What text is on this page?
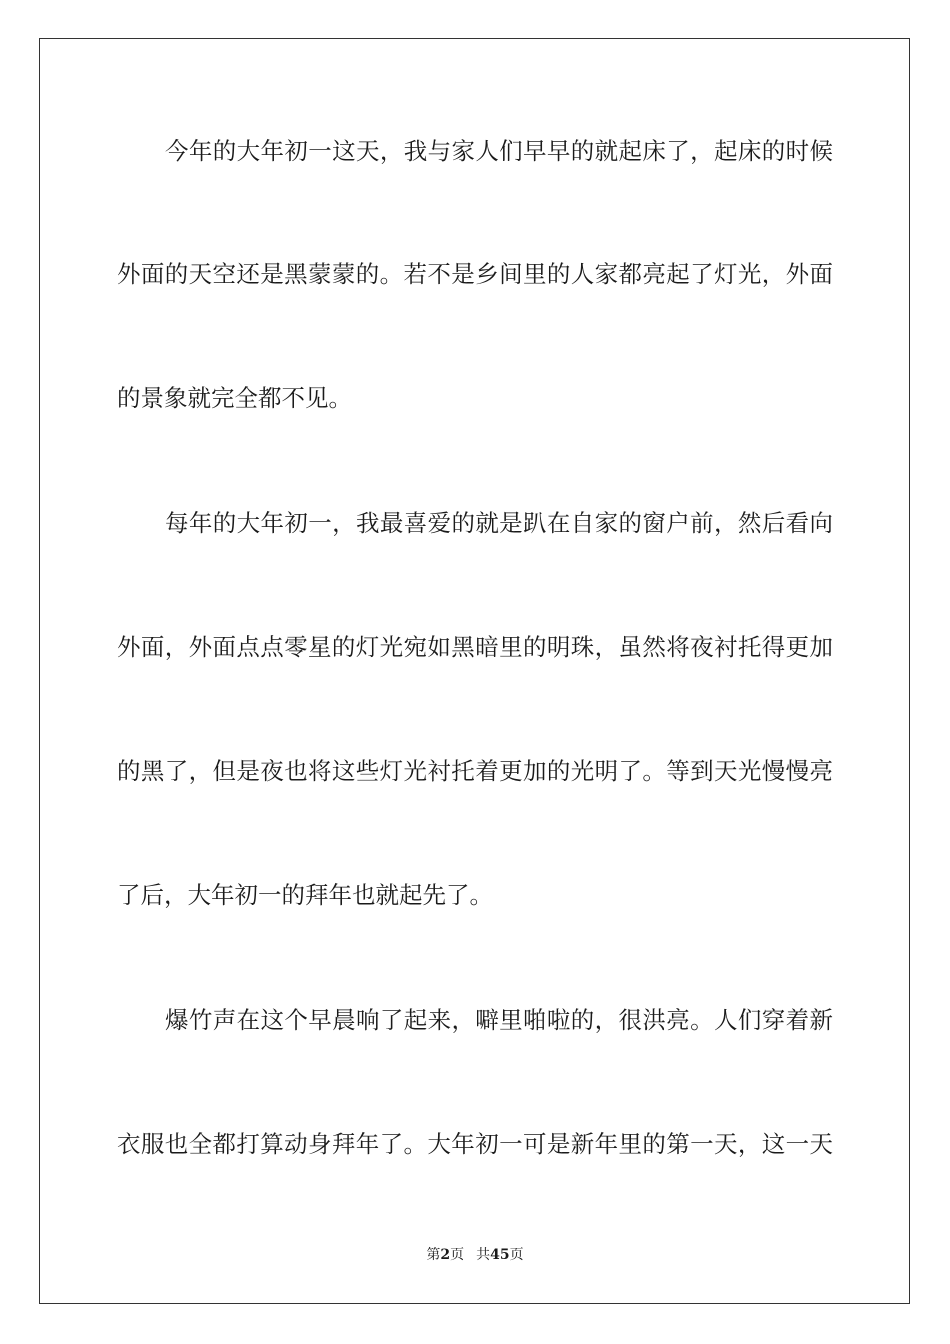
今年的大年初一这天，我与家人们早早的就起床了，起床的时候
外面的天空还是黑蒙蒙的。若不是乡间里的人家都亮起了灯光，外面
的景象就完全都不见。
每年的大年初一，我最喜爱的就是趴在自家的窗户前，然后看向
外面，外面点点零星的灯光宛如黑暗里的明珠，虽然将夜衬托得更加
的黑了，但是夜也将这些灯光衬托着更加的光明了。等到天光慢慢亮
了后，大年初一的拜年也就起先了。
爆竹声在这个早晨响了起来，噼里啪啦的，很洪亮。人们穿着新
衣服也全都打算动身拜年了。大年初一可是新年里的第一天，这一天
第2页 共45页
